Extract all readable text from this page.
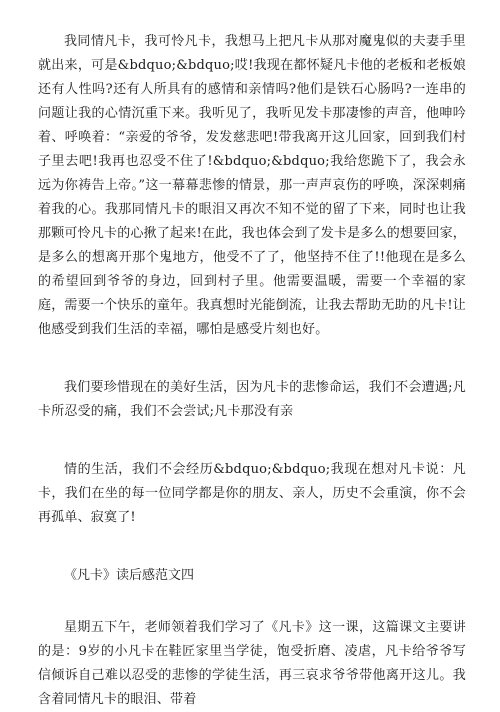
我同情凡卡，我可怜凡卡，我想马上把凡卡从那对魔鬼似的夫妻手里就出来，可是&bdquo;&bdquo;哎!我现在都怀疑凡卡他的老板和老板娘还有人性吗?还有人所具有的感情和亲情吗?他们是铁石心肠吗?一连串的问题让我的心情沉重下来。我听见了，我听见发卡那凄惨的声音，他呻吟着、呼唤着：“亲爱的爷爷，发发慈悲吧!带我离开这儿回家，回到我们村子里去吧!我再也忍受不住了!&bdquo;&bdquo;我给您跪下了，我会永远为你祷告上帝。”这一幕幕悲惨的情景，那一声声哀伤的呼唤，深深刺痛着我的心。我那同情凡卡的眼泪又再次不知不觉的留了下来，同时也让我那颗可怜凡卡的心揪了起来!在此，我也体会到了发卡是多么的想要回家，是多么的想离开那个鬼地方，他受不了了，他坚持不住了!!他现在是多么的希望回到爷爷的身边，回到村子里。他需要温暖，需要一个幸福的家庭，需要一个快乐的童年。我真想时光能倒流，让我去帮助无助的凡卡!让他感受到我们生活的幸福，哪怕是感受片刻也好。

我们要珍惜现在的美好生活，因为凡卡的悲惨命运，我们不会遭遇;凡卡所忍受的痛，我们不会尝试;凡卡那没有亲

情的生活，我们不会经历&bdquo;&bdquo;我现在想对凡卡说：凡卡，我们在坐的每一位同学都是你的朋友、亲人，历史不会重演，你不会再孤单、寂寞了!

《凡卡》读后感范文四

星期五下午，老师领着我们学习了《凡卡》这一课，这篇课文主要讲的是：9岁的小凡卡在鞋匠家里当学徒，饱受折磨、凌虐，凡卡给爷爷写信倾诉自己难以忍受的悲惨的学徒生活，再三哀求爷爷带他离开这儿。我含着同情凡卡的眼泪、带着
